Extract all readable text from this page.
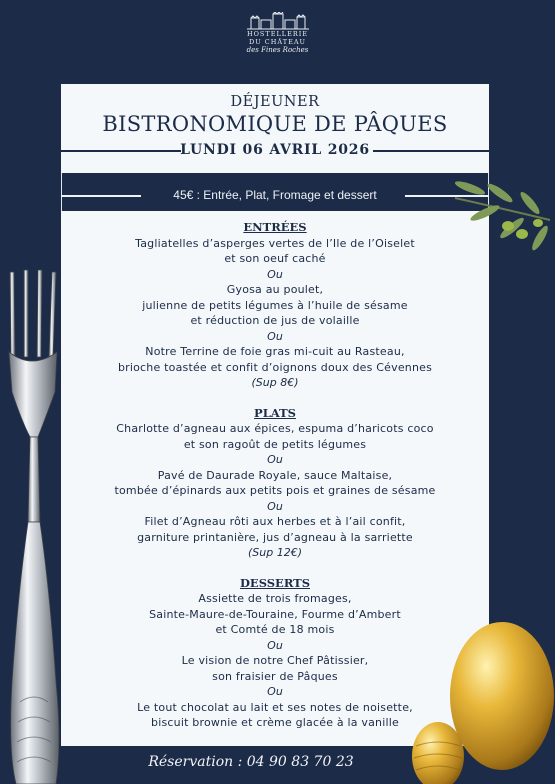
HOSTELLERIE
DU CHÂTEAU
des Fines Roches
DÉJEUNER
BISTRONOMIQUE DE PÂQUES
LUNDI 06 AVRIL 2026
45€ : Entrée, Plat, Fromage et dessert
ENTRÉES
Tagliatelles d’asperges vertes de l’Ile de l’Oiselet
et son oeuf caché
Ou
Gyosa au poulet,
julienne de petits légumes à l’huile de sésame
et réduction de jus de volaille
Ou
Notre Terrine de foie gras mi-cuit au Rasteau,
brioche toastée et confit d’oignons doux des Cévennes
(Sup 8€)
PLATS
Charlotte d’agneau aux épices, espuma d’haricots coco
et son ragoût de petits légumes
Ou
Pavé de Daurade Royale, sauce Maltaise,
tombée d’épinards aux petits pois et graines de sésame
Ou
Filet d’Agneau rôti aux herbes et à l’ail confit,
garniture printanière, jus d’agneau à la sarriette
(Sup 12€)
DESSERTS
Assiette de trois fromages,
Sainte-Maure-de-Touraine, Fourme d’Ambert
et Comté de 18 mois
Ou
Le vision de notre Chef Pâtissier,
son fraisier de Pâques
Ou
Le tout chocolat au lait et ses notes de noisette,
biscuit brownie et crème glacée à la vanille
Réservation : 04 90 83 70 23
